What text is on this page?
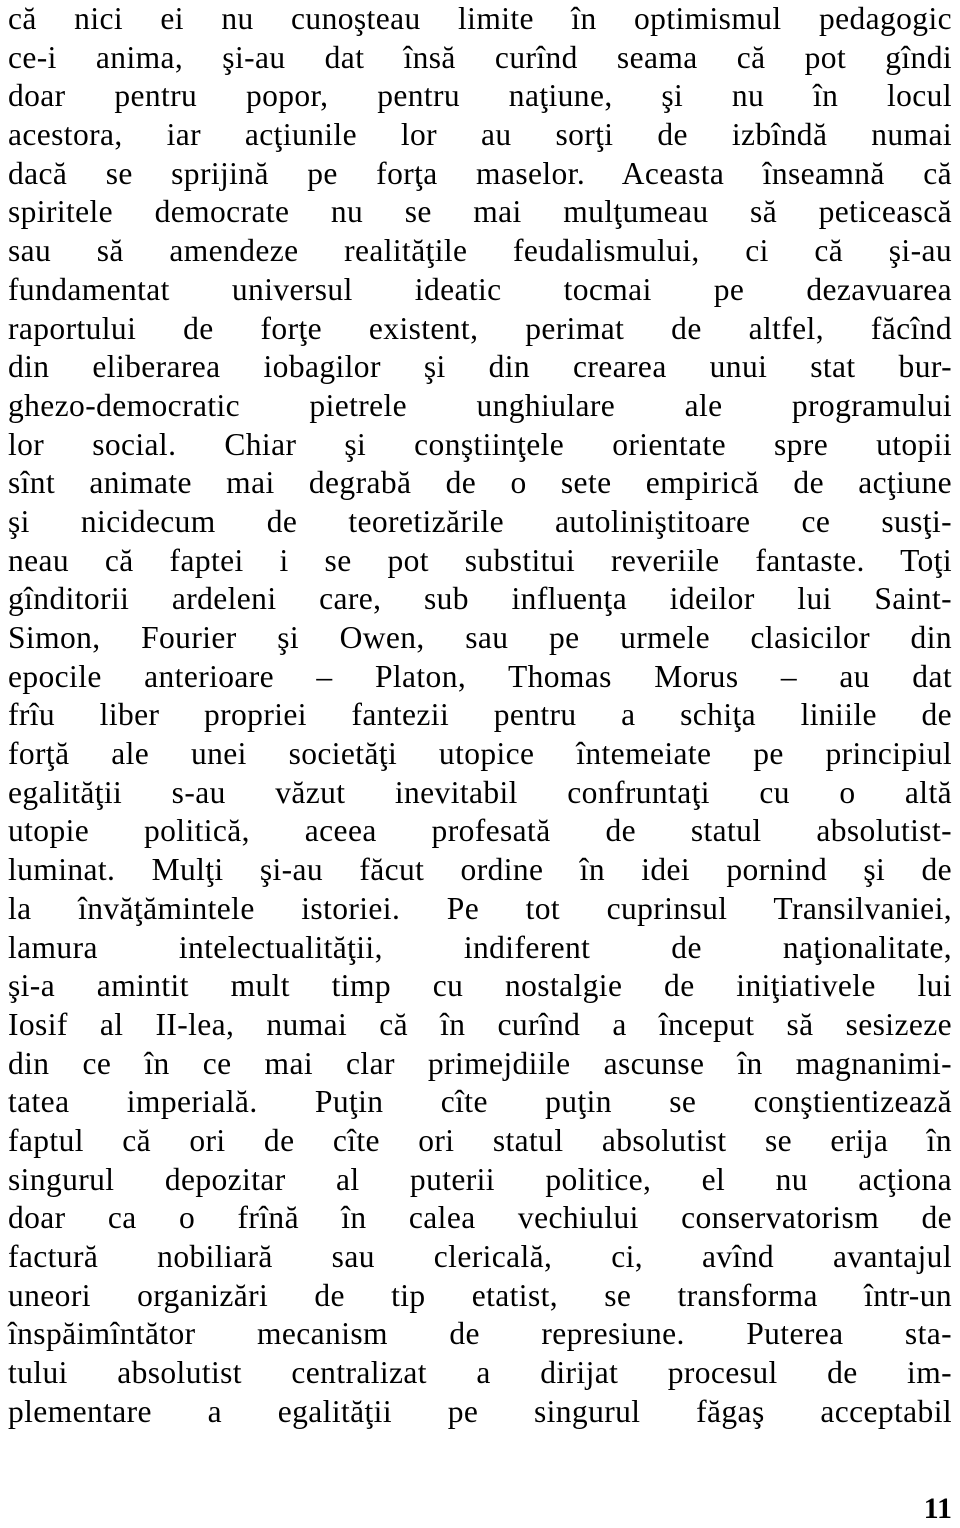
că nici ei nu cunoşteau limite în optimismul pedagogic
ce-i anima, şi-au dat însă curînd seama că pot gîndi
doar pentru popor, pentru naţiune, şi nu în locul
acestora, iar acţiunile lor au sorţi de izbîndă numai
dacă se sprijină pe forţa maselor. Aceasta înseamnă că
spiritele democrate nu se mai mulţumeau să peticească
sau să amendeze realităţile feudalismului, ci că şi-au
fundamentat universul ideatic tocmai pe dezavuarea
raportului de forţe existent, perimat de altfel, făcînd
din eliberarea iobagilor şi din crearea unui stat bur-
ghezo-democratic pietrele unghiulare ale programului
lor social. Chiar şi conştiinţele orientate spre utopii
sînt animate mai degrabă de o sete empirică de acţiune
şi nicidecum de teoretizările autoliniştitoare ce susţi-
neau că faptei i se pot substitui reveriile fantaste. Toţi
gînditorii ardeleni care, sub influenţa ideilor lui Saint-
Simon, Fourier şi Owen, sau pe urmele clasicilor din
epocile anterioare – Platon, Thomas Morus – au dat
frîu liber propriei fantezii pentru a schiţa liniile de
forţă ale unei societăţi utopice întemeiate pe principiul
egalităţii s-au văzut inevitabil confruntaţi cu o altă
utopie politică, aceea profesată de statul absolutist-
luminat. Mulţi şi-au făcut ordine în idei pornind şi de
la învăţămintele istoriei. Pe tot cuprinsul Transilvaniei,
lamura intelectualităţii, indiferent de naţionalitate,
şi-a amintit mult timp cu nostalgie de iniţiativele lui
Iosif al II-lea, numai că în curînd a început să sesizeze
din ce în ce mai clar primejdiile ascunse în magnanimi-
tatea imperială. Puţin cîte puţin se conştientizează
faptul că ori de cîte ori statul absolutist se erija în
singurul depozitar al puterii politice, el nu acţiona
doar ca o frînă în calea vechiului conservatorism de
factură nobiliară sau clericală, ci, avînd avantajul
uneori organizări de tip etatist, se transforma într-un
înspăimîntător mecanism de represiune. Puterea sta-
tului absolutist centralizat a dirijat procesul de im-
plementare a egalităţii pe singurul făgaş acceptabil
11
